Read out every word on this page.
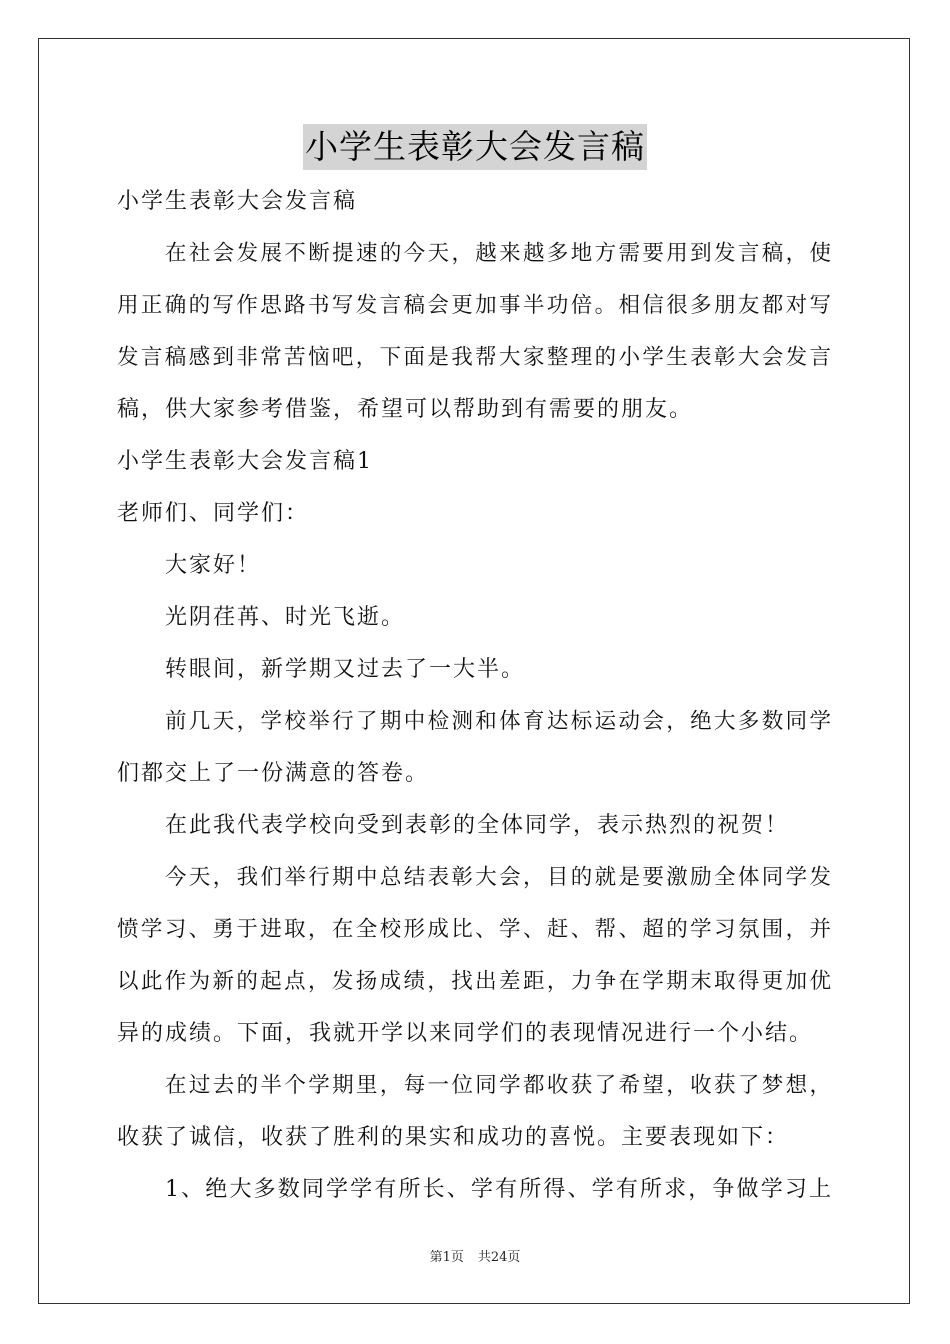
小学生表彰大会发言稿
小学生表彰大会发言稿
在社会发展不断提速的今天，越来越多地方需要用到发言稿，使
用正确的写作思路书写发言稿会更加事半功倍。相信很多朋友都对写
发言稿感到非常苦恼吧，下面是我帮大家整理的小学生表彰大会发言
稿，供大家参考借鉴，希望可以帮助到有需要的朋友。
小学生表彰大会发言稿1
老师们、同学们：
大家好！
光阴荏苒、时光飞逝。
转眼间，新学期又过去了一大半。
前几天，学校举行了期中检测和体育达标运动会，绝大多数同学
们都交上了一份满意的答卷。
在此我代表学校向受到表彰的全体同学，表示热烈的祝贺！
今天，我们举行期中总结表彰大会，目的就是要激励全体同学发
愤学习、勇于进取，在全校形成比、学、赶、帮、超的学习氛围，并
以此作为新的起点，发扬成绩，找出差距，力争在学期末取得更加优
异的成绩。下面，我就开学以来同学们的表现情况进行一个小结。
在过去的半个学期里，每一位同学都收获了希望，收获了梦想，
收获了诚信，收获了胜利的果实和成功的喜悦。主要表现如下：
1、绝大多数同学学有所长、学有所得、学有所求，争做学习上
第1页 共24页
